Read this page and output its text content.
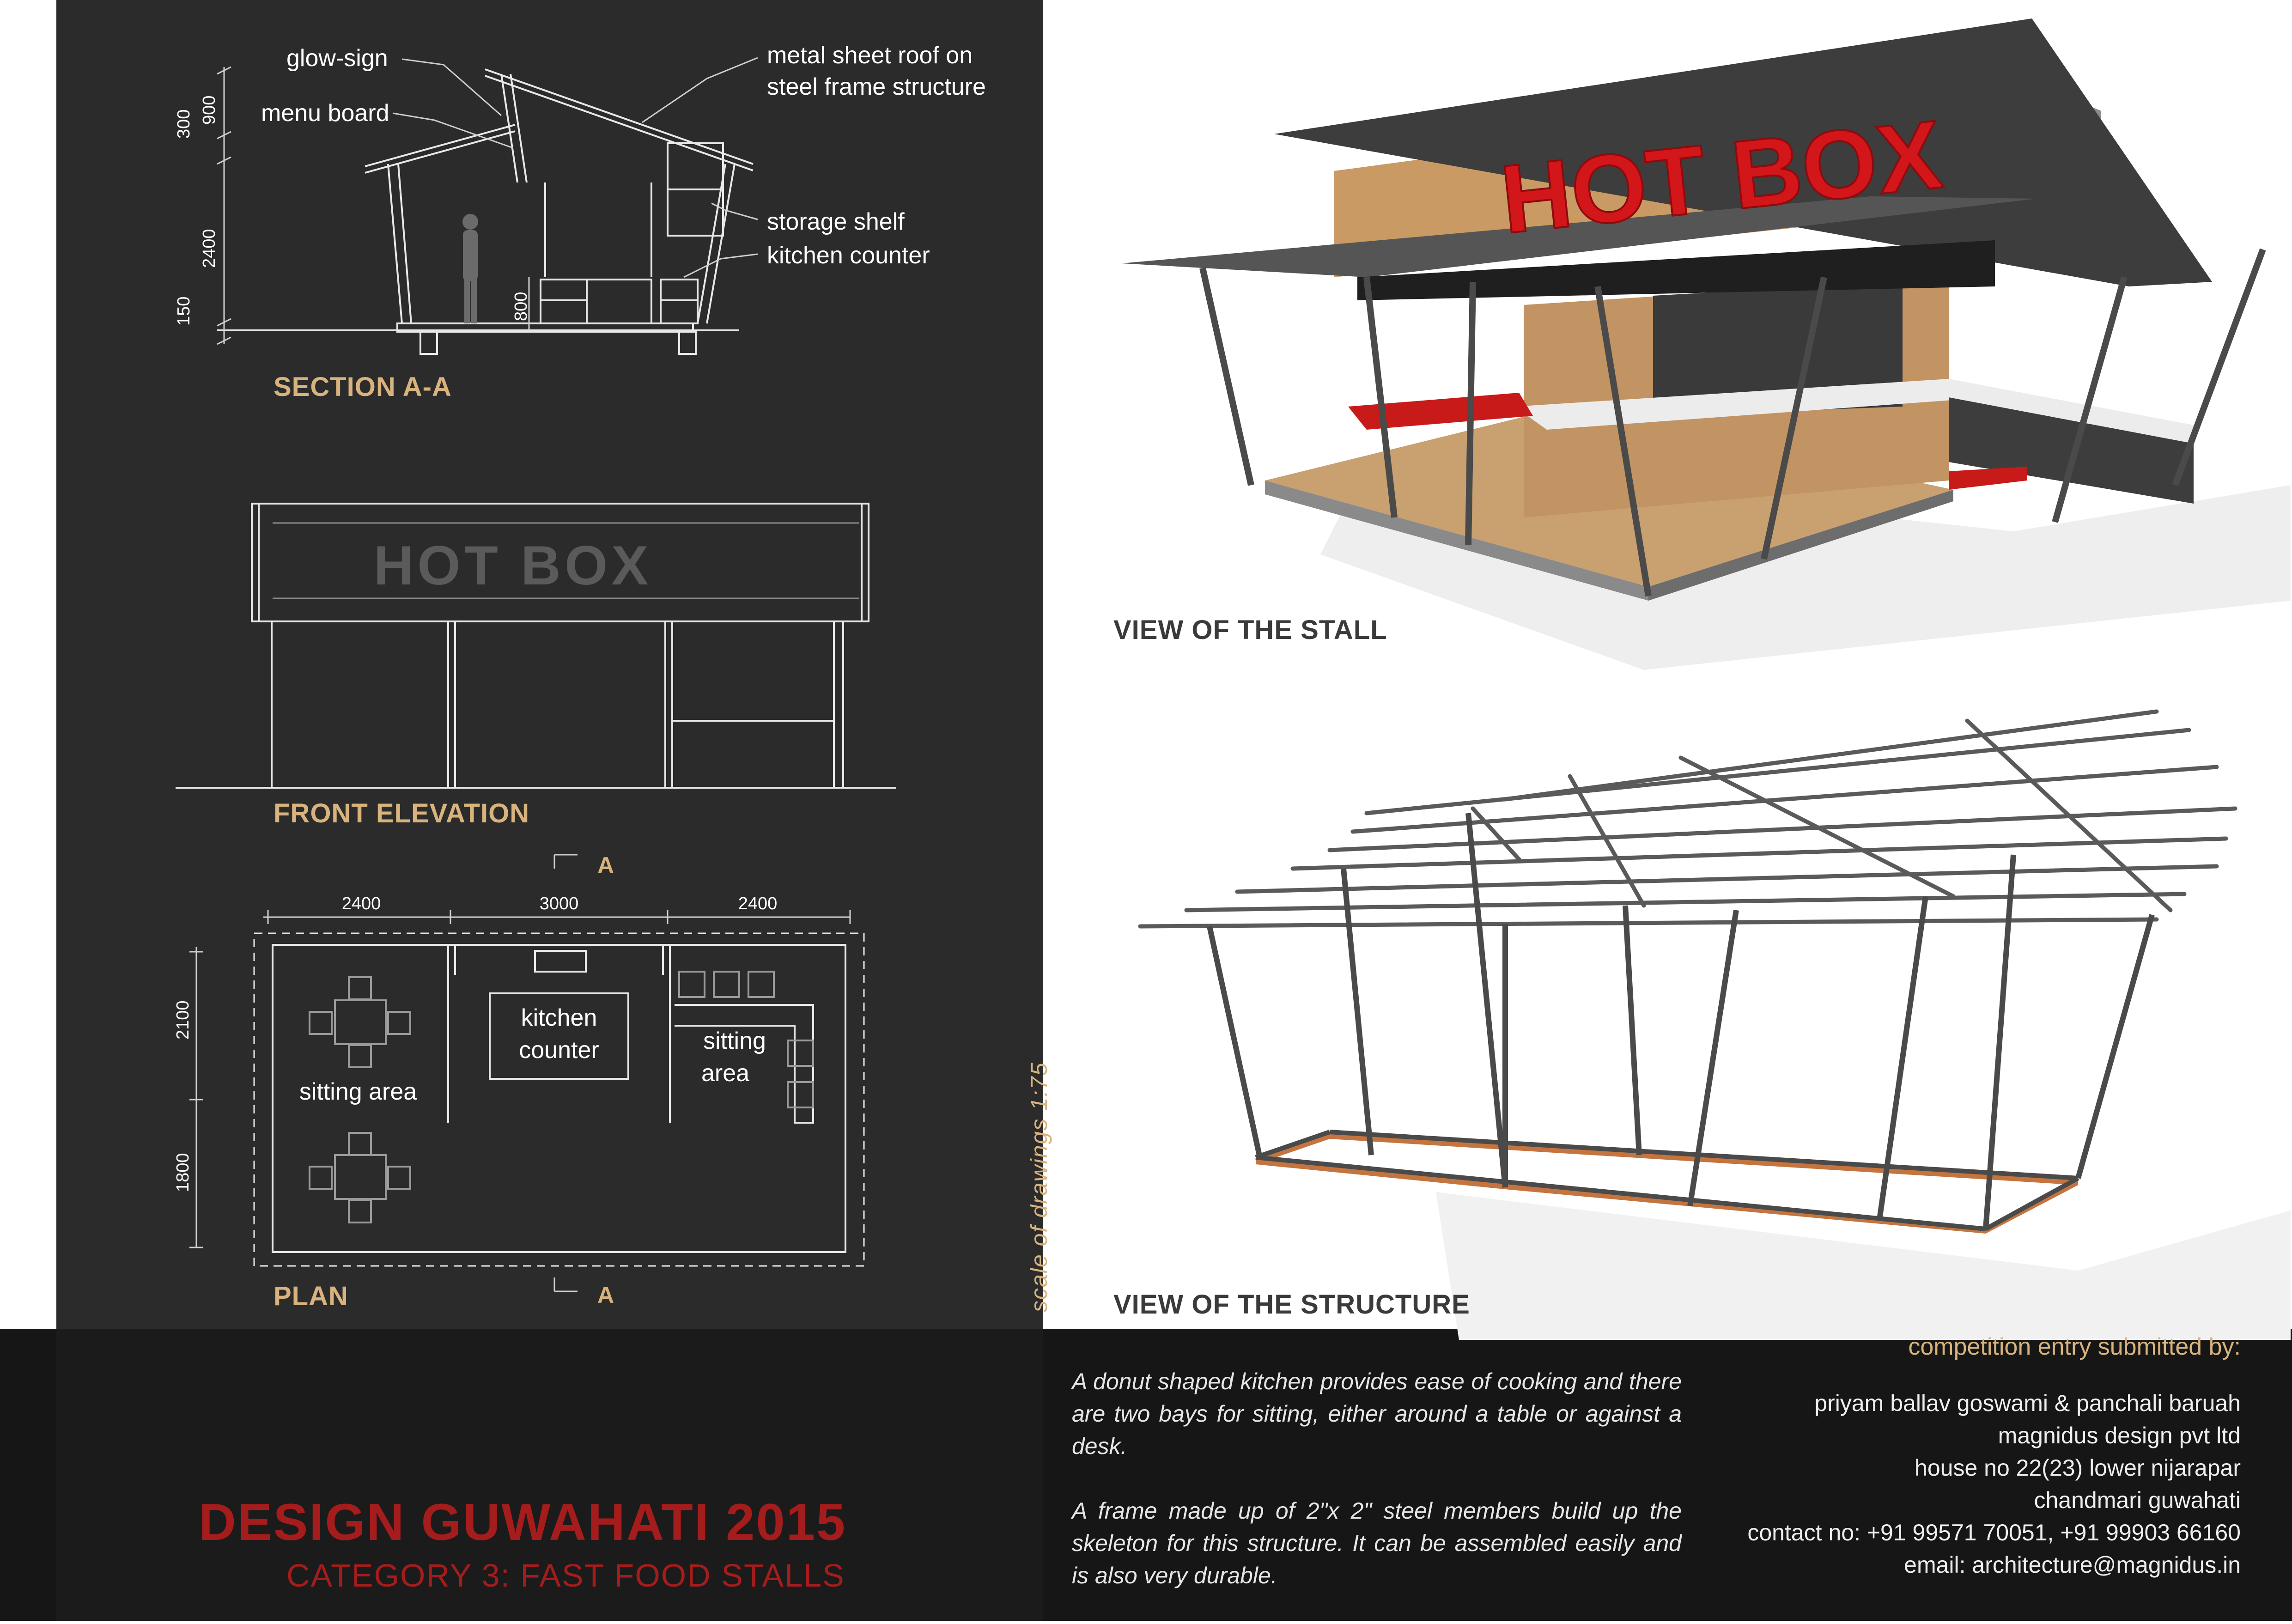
glow-sign
menu board
metal sheet roof on
steel frame structure
storage shelf
kitchen counter
300 900
2400
150	800
SECTION A-A
HOT BOX
FRONT ELEVATION
A
A
2400	3000	2400
2100
1800
kitchen
counter
sitting area
sitting
area
PLAN	scale of drawings 1:75
HOT BOX
VIEW OF THE STALL
VIEW OF THE STRUCTURE
DESIGN GUWAHATI 2015
CATEGORY 3: FAST FOOD STALLS

A donut shaped kitchen provides ease of cooking and there are two bays for sitting, either around a table or against a desk.

A frame made up of 2"x 2" steel members build up the skeleton for this structure. It can be assembled easily and is also very durable.

competition entry submitted by:
priyam ballav goswami & panchali baruah
magnidus design pvt ltd
house no 22(23) lower nijarapar
chandmari guwahati
contact no: +91 99571 70051, +91 99903 66160
email: architecture@magnidus.in
